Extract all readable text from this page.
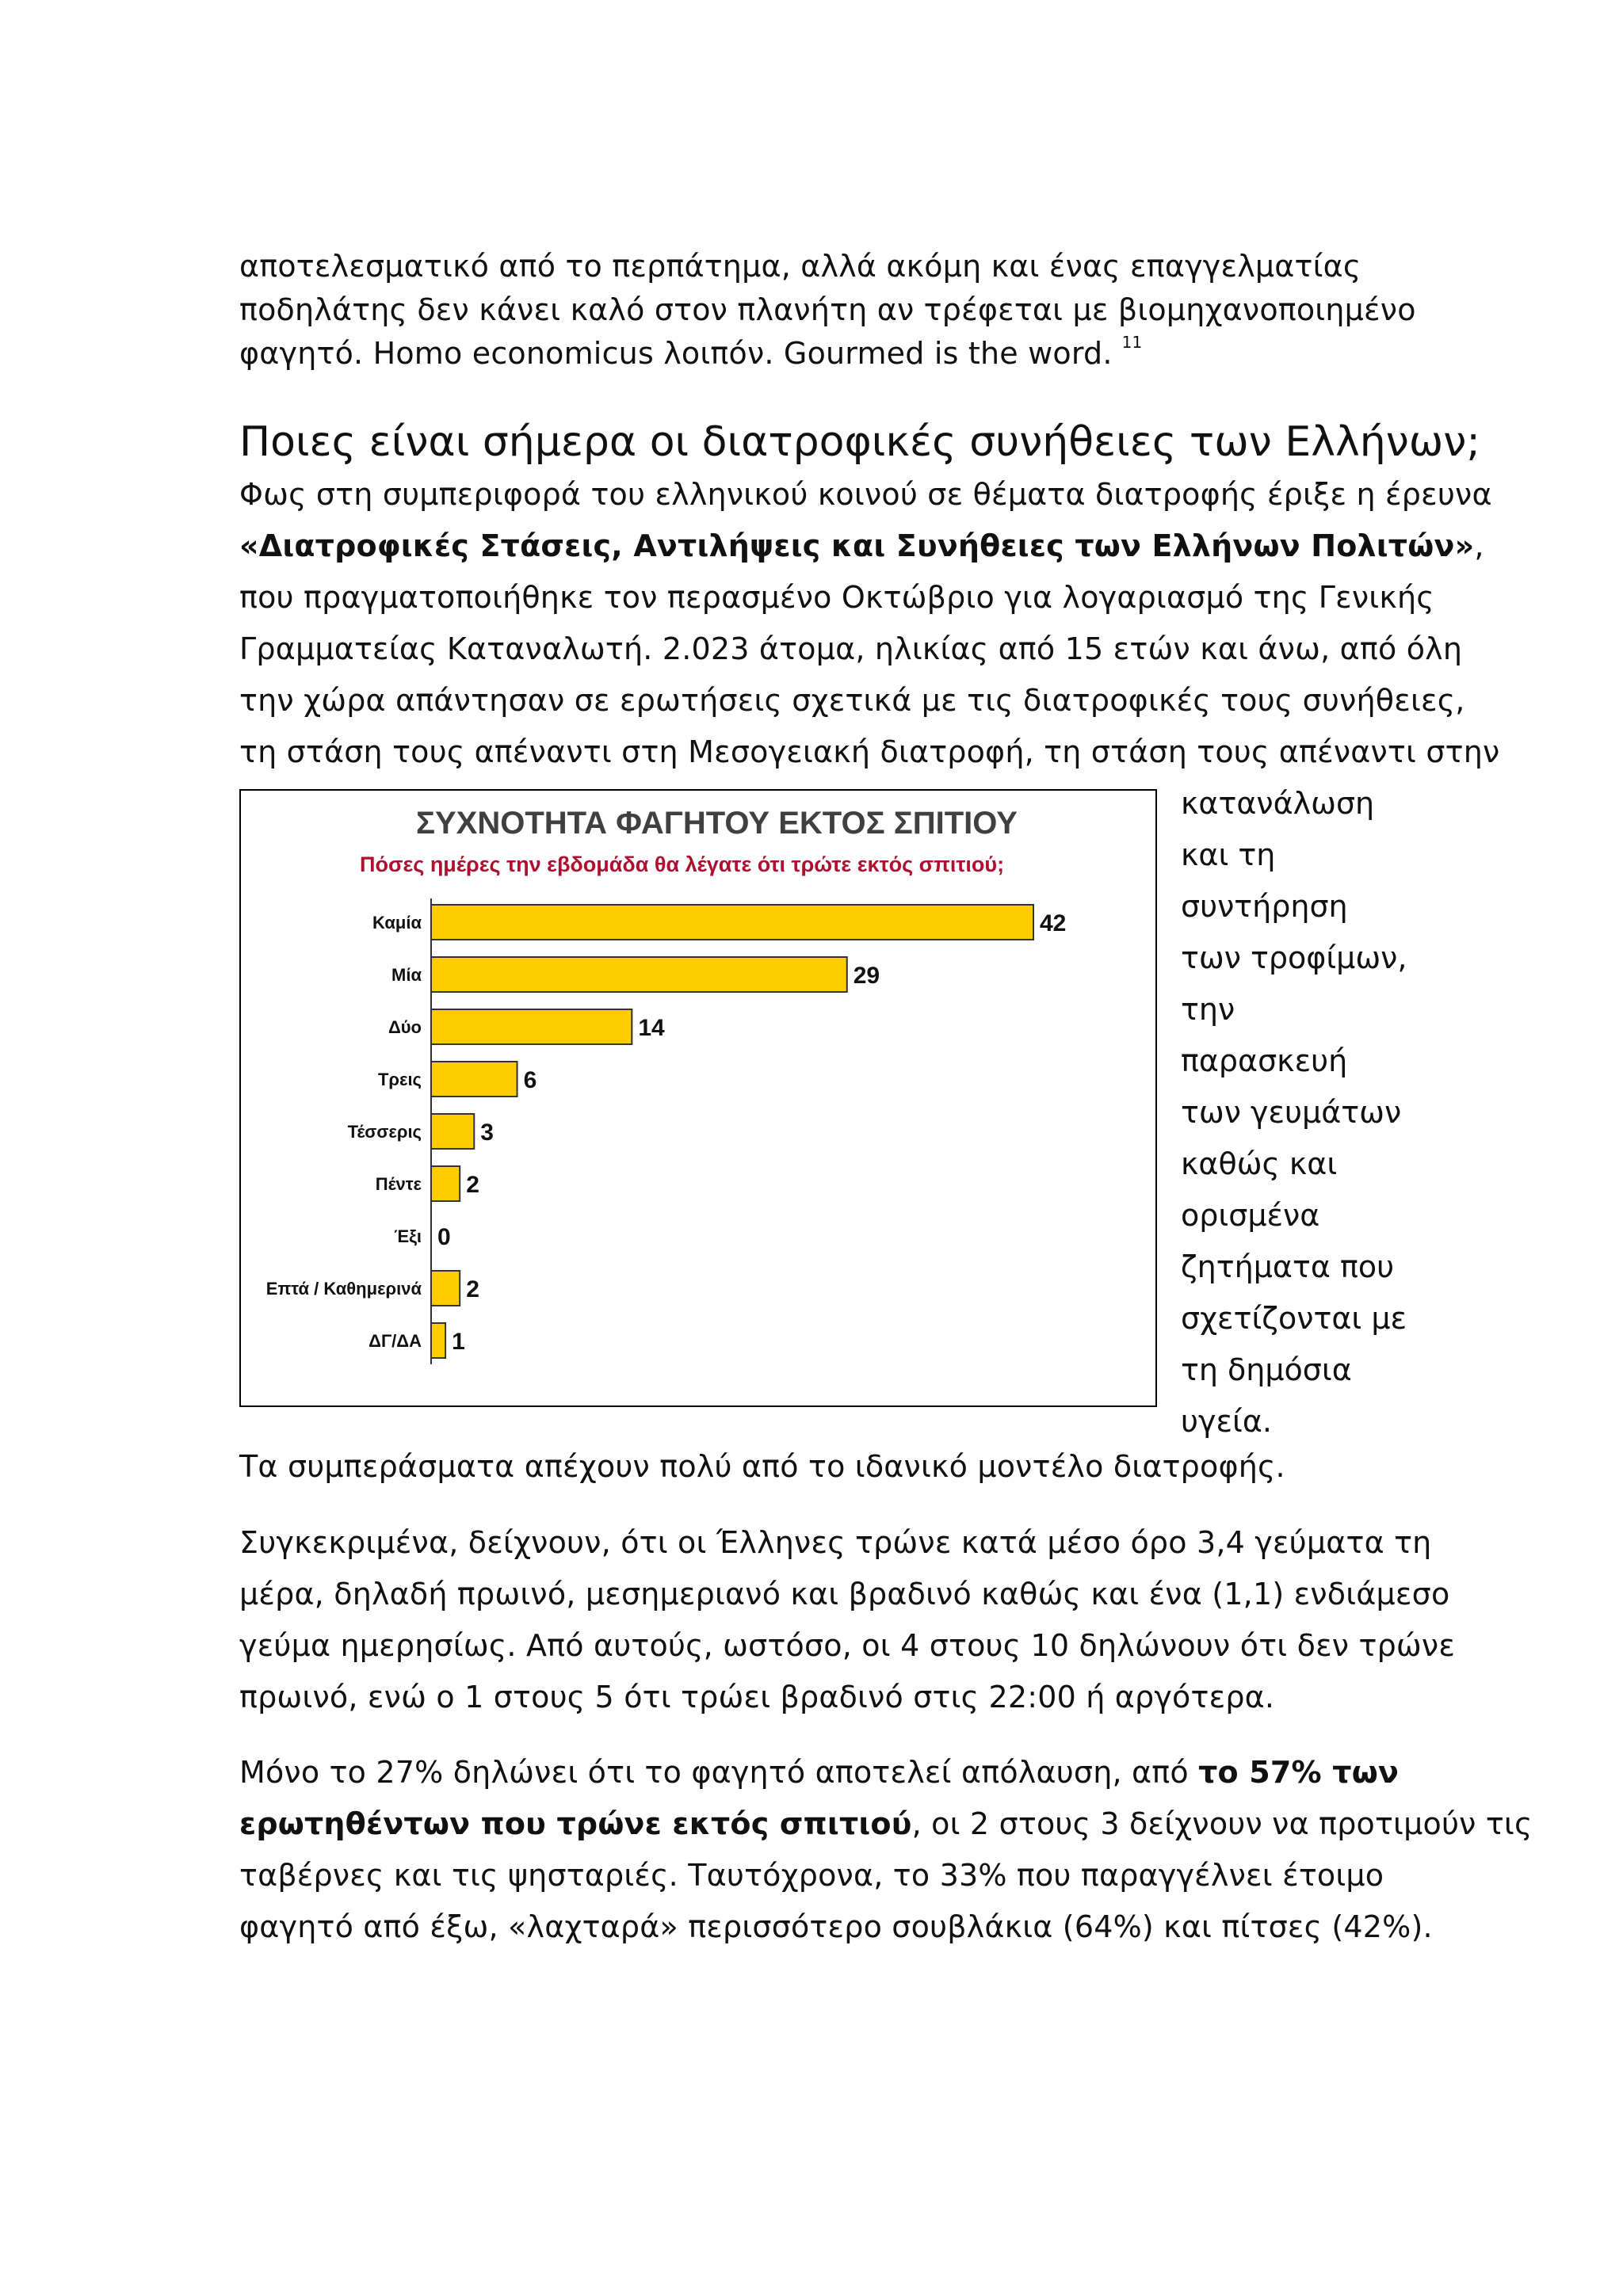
αποτελεσματικό από το περπάτημα, αλλά ακόμη και ένας επαγγελματίας
ποδηλάτης δεν κάνει καλό στον πλανήτη αν τρέφεται με βιομηχανοποιημένο
φαγητό. Homo economicus λοιπόν. Gourmed is the word. $^{11}$
Ποιες είναι σήμερα οι διατροφικές συνήθειες των Ελλήνων;
Φως στη συμπεριφορά του ελληνικού κοινού σε θέματα διατροφής έριξε η έρευνα
«Διατροφικές Στάσεις, Αντιλήψεις και Συνήθειες των Ελλήνων Πολιτών»,
που πραγματοποιήθηκε τον περασμένο Οκτώβριο για λογαριασμό της Γενικής
Γραμματείας Καταναλωτή. 2.023 άτομα, ηλικίας από 15 ετών και άνω, από όλη
την χώρα απάντησαν σε ερωτήσεις σχετικά με τις διατροφικές τους συνήθειες,
τη στάση τους απέναντι στη Μεσογειακή διατροφή, τη στάση τους απέναντι στην
κατανάλωση
και τη
συντήρηση
των τροφίμων,
την
παρασκευή
των γευμάτων
καθώς και
ορισμένα
ζητήματα που
σχετίζονται με
τη δημόσια
υγεία.
ΣΥΧΝΟΤΗΤΑ ΦΑΓΗΤΟΥ ΕΚΤΟΣ ΣΠΙΤΙΟΥ
Πόσες ημέρες την εβδομάδα θα λέγατε ότι τρώτε εκτός σπιτιού;
Καμία	42
Μία	29
Δύο	14
Τρεις	6
Τέσσερις 3
Πέντε 2
Έξι 0
Επτά / Καθημερινά 2
ΔΓ/ΔΑ 1
Τα συμπεράσματα απέχουν πολύ από το ιδανικό μοντέλο διατροφής.
Συγκεκριμένα, δείχνουν, ότι οι Έλληνες τρώνε κατά μέσο όρο 3,4 γεύματα τη
μέρα, δηλαδή πρωινό, μεσημεριανό και βραδινό καθώς και ένα (1,1) ενδιάμεσο
γεύμα ημερησίως. Από αυτούς, ωστόσο, οι 4 στους 10 δηλώνουν ότι δεν τρώνε
πρωινό, ενώ ο 1 στους 5 ότι τρώει βραδινό στις 22:00 ή αργότερα.
Μόνο το 27% δηλώνει ότι το φαγητό αποτελεί απόλαυση, από το 57% των
ερωτηθέντων που τρώνε εκτός σπιτιού, οι 2 στους 3 δείχνουν να προτιμούν τις
ταβέρνες και τις ψησταριές. Ταυτόχρονα, το 33% που παραγγέλνει έτοιμο
φαγητό από έξω, «λαχταρά» περισσότερο σουβλάκια (64%) και πίτσες (42%).
